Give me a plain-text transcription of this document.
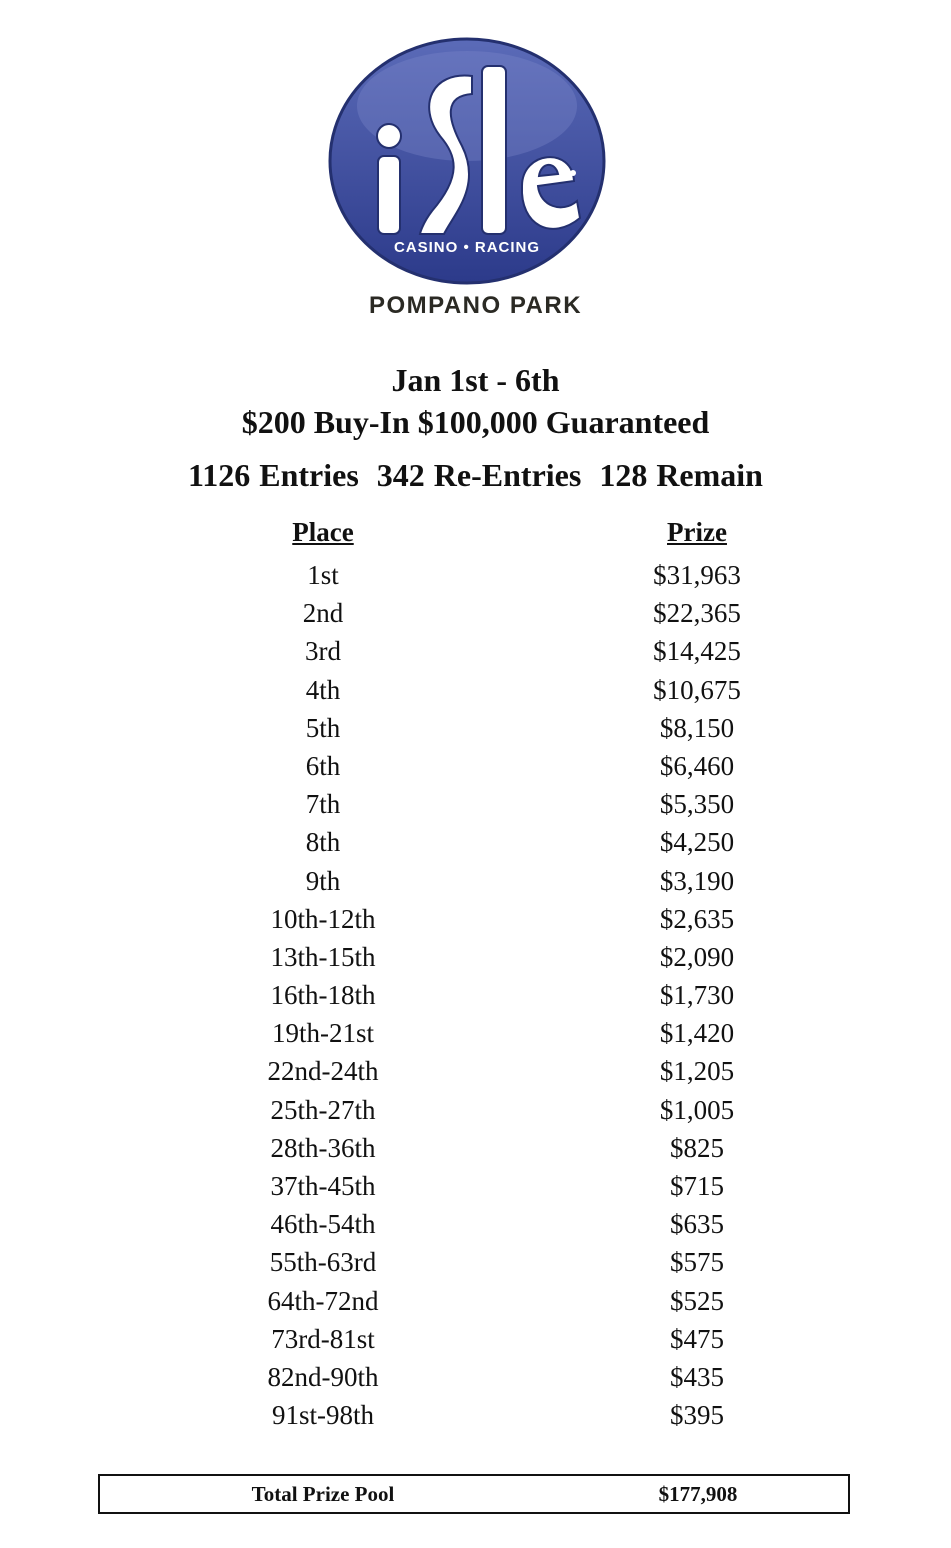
CASINO • RACING
POMPANO PARK
Jan 1st - 6th
$200 Buy-In $100,000 Guaranteed
1126 Entries  342 Re-Entries  128 Remain
Place	Prize
1st	$31,963
2nd	$22,365
3rd	$14,425
4th	$10,675
5th	$8,150
6th	$6,460
7th	$5,350
8th	$4,250
9th	$3,190
10th-12th	$2,635
13th-15th	$2,090
16th-18th	$1,730
19th-21st	$1,420
22nd-24th	$1,205
25th-27th	$1,005
28th-36th	$825
37th-45th	$715
46th-54th	$635
55th-63rd	$575
64th-72nd	$525
73rd-81st	$475
82nd-90th	$435
91st-98th	$395
Total Prize Pool	$177,908
